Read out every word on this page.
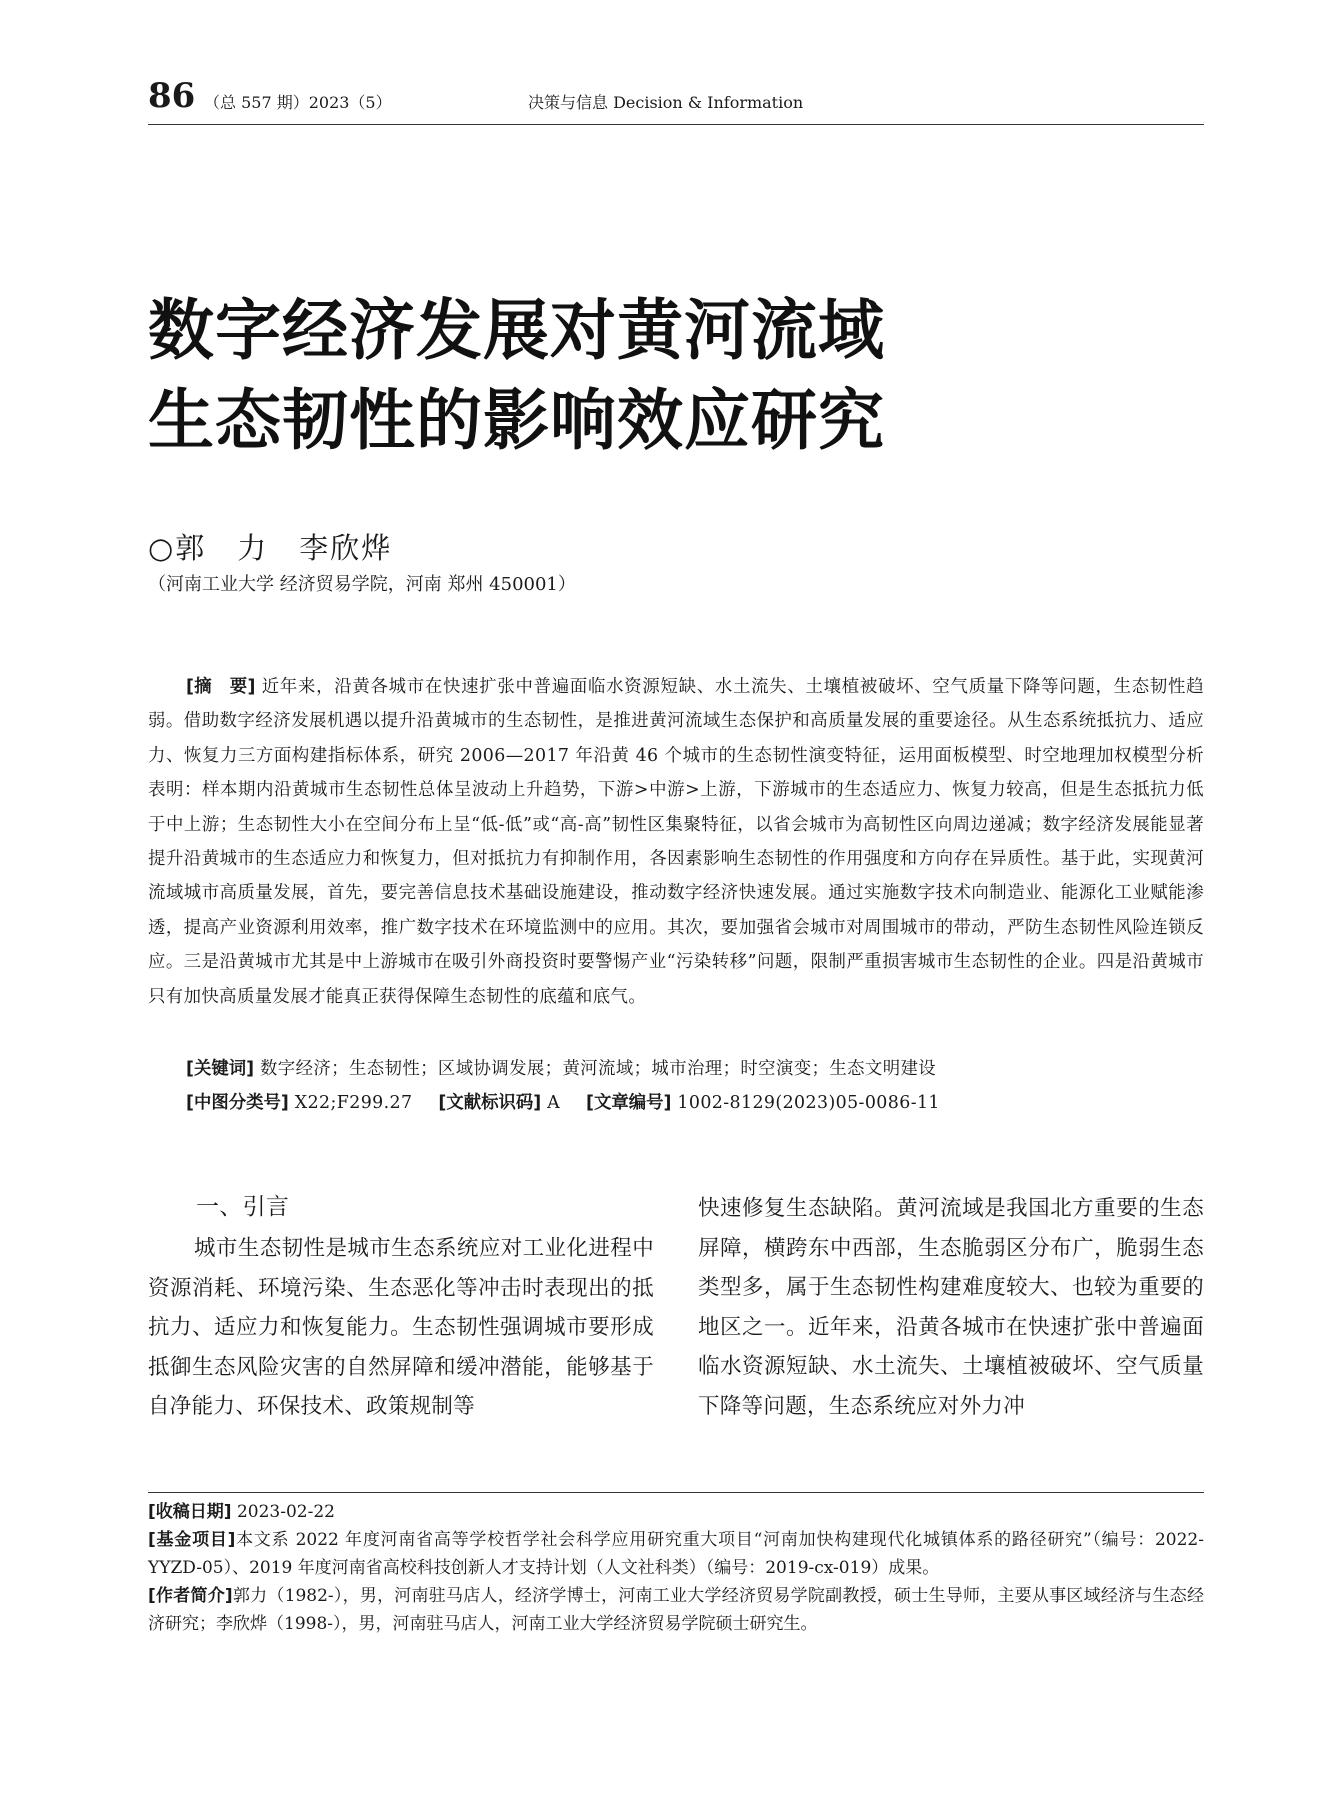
86 （总 557 期）2023（5）	决策与信息 Decision & Information
数字经济发展对黄河流域
生态韧性的影响效应研究
○郭　力　李欣烨
（河南工业大学 经济贸易学院，河南 郑州 450001）
[摘　要] 近年来，沿黄各城市在快速扩张中普遍面临水资源短缺、水土流失、土壤植被破坏、空气质量下降等问题，生态韧性趋弱。借助数字经济发展机遇以提升沿黄城市的生态韧性，是推进黄河流域生态保护和高质量发展的重要途径。从生态系统抵抗力、适应力、恢复力三方面构建指标体系，研究 2006—2017 年沿黄 46 个城市的生态韧性演变特征，运用面板模型、时空地理加权模型分析表明：样本期内沿黄城市生态韧性总体呈波动上升趋势，下游>中游>上游，下游城市的生态适应力、恢复力较高，但是生态抵抗力低于中上游；生态韧性大小在空间分布上呈“低-低”或“高-高”韧性区集聚特征，以省会城市为高韧性区向周边递减；数字经济发展能显著提升沿黄城市的生态适应力和恢复力，但对抵抗力有抑制作用，各因素影响生态韧性的作用强度和方向存在异质性。基于此，实现黄河流域城市高质量发展，首先，要完善信息技术基础设施建设，推动数字经济快速发展。通过实施数字技术向制造业、能源化工业赋能渗透，提高产业资源利用效率，推广数字技术在环境监测中的应用。其次，要加强省会城市对周围城市的带动，严防生态韧性风险连锁反应。三是沿黄城市尤其是中上游城市在吸引外商投资时要警惕产业“污染转移”问题，限制严重损害城市生态韧性的企业。四是沿黄城市只有加快高质量发展才能真正获得保障生态韧性的底蕴和底气。
[关键词] 数字经济；生态韧性；区域协调发展；黄河流域；城市治理；时空演变；生态文明建设
[中图分类号] X22;F299.27 [文献标识码] A [文章编号] 1002-8129(2023)05-0086-11
一、引言
城市生态韧性是城市生态系统应对工业化进程中资源消耗、环境污染、生态恶化等冲击时表现出的抵抗力、适应力和恢复能力。生态韧性强调城市要形成抵御生态风险灾害的自然屏障和缓冲潜能，能够基于自净能力、环保技术、政策规制等
快速修复生态缺陷。黄河流域是我国北方重要的生态屏障，横跨东中西部，生态脆弱区分布广，脆弱生态类型多，属于生态韧性构建难度较大、也较为重要的地区之一。近年来，沿黄各城市在快速扩张中普遍面临水资源短缺、水土流失、土壤植被破坏、空气质量下降等问题，生态系统应对外力冲
[收稿日期] 2023-02-22
[基金项目]本文系 2022 年度河南省高等学校哲学社会科学应用研究重大项目“河南加快构建现代化城镇体系的路径研究”（编号：2022-YYZD-05）、2019 年度河南省高校科技创新人才支持计划（人文社科类）（编号：2019-cx-019）成果。
[作者简介]郭力（1982-），男，河南驻马店人，经济学博士，河南工业大学经济贸易学院副教授，硕士生导师，主要从事区域经济与生态经济研究；李欣烨（1998-），男，河南驻马店人，河南工业大学经济贸易学院硕士研究生。
